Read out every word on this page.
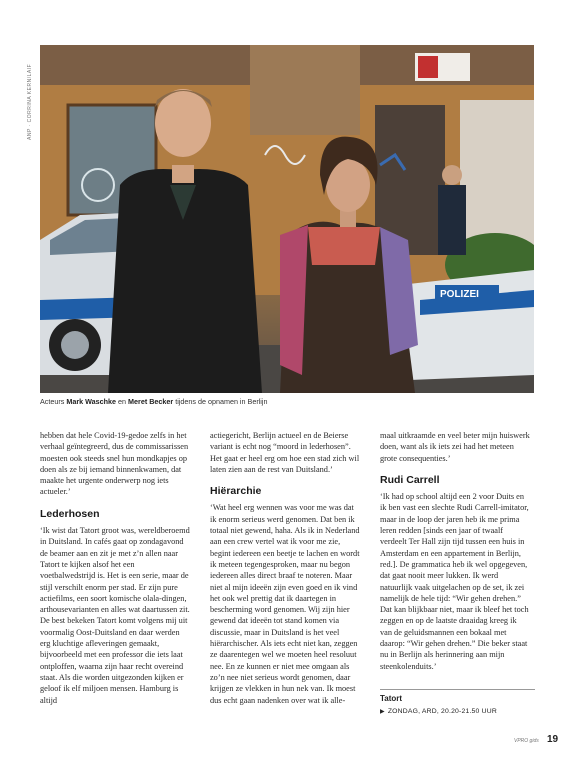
ANP · CORRINA KERN/LAIF
POLIZEI
Acteurs Mark Waschke en Meret Becker tijdens de opnamen in Berlijn

hebben dat hele Covid-19-gedoe zelfs in het verhaal geïntegreerd, dus de commissarissen moesten ook steeds snel hun mondkapjes op doen als ze bij iemand binnenkwamen, dat maakte het urgente onderwerp nog iets actueler.’

Lederhosen

‘Ik wist dat Tatort groot was, wereldberoemd in Duitsland. In cafés gaat op zondagavond de beamer aan en zit je met z’n allen naar Tatort te kijken alsof het een voetbalwedstrijd is. Het is een serie, maar de stijl verschilt enorm per stad. Er zijn pure actiefilms, een soort komische olala-dingen, arthousevarianten en alles wat daartussen zit. De best bekeken Tatort komt volgens mij uit voormalig Oost-Duitsland en daar werden erg kluchtige afleveringen gemaakt, bijvoorbeeld met een professor die iets laat ontploffen, waarna zijn haar recht overeind staat. Als die worden uitgezonden kijken er geloof ik elf miljoen mensen. Hamburg is altijd

actiegericht, Berlijn actueel en de Beierse variant is echt nog “moord in lederhosen”. Het gaat er heel erg om hoe een stad zich wil laten zien aan de rest van Duitsland.’

Hiërarchie

‘Wat heel erg wennen was voor me was dat ik enorm serieus werd genomen. Dat ben ik totaal niet gewend, haha. Als ik in Nederland aan een crew vertel wat ik voor me zie, begint iedereen een beetje te lachen en wordt ik meteen tegengesproken, maar nu begon iedereen alles direct braaf te noteren. Maar niet al mijn ideeën zijn even goed en ik vind het ook wel prettig dat ik daartegen in bescherming word genomen. Wij zijn hier gewend dat ideeën tot stand komen via discussie, maar in Duitsland is het veel hiërarchischer. Als iets echt niet kan, zeggen ze daarentegen wel we moeten heel resoluut nee. En ze kunnen er niet mee omgaan als zo’n nee niet serieus wordt genomen, daar krijgen ze vlekken in hun nek van. Ik moest dus echt gaan nadenken over wat ik alle-

maal uitkraamde en veel beter mijn huiswerk doen, want als ik iets zei had het meteen grote consequenties.’

Rudi Carrell

‘Ik had op school altijd een 2 voor Duits en ik ben vast een slechte Rudi Carrell-imitator, maar in de loop der jaren heb ik me prima leren redden [sinds een jaar of twaalf verdeelt Ter Hall zijn tijd tussen een huis in Amsterdam en een appartement in Berlijn, red.]. De grammatica heb ik wel opgegeven, dat gaat nooit meer lukken. Ik werd natuurlijk vaak uitgelachen op de set, ik zei namelijk de hele tijd: “Wir gehen drehen.” Dat kan blijkbaar niet, maar ik bleef het toch zeggen en op de laatste draaidag kreeg ik van de geluidsmannen een bokaal met daarop: “Wir gehen drehen.” Die beker staat nu in Berlijn als herinnering aan mijn steenkolenduits.’

Tatort
▶ ZONDAG, ARD, 20.20-21.50 UUR
VPRO gids 19
